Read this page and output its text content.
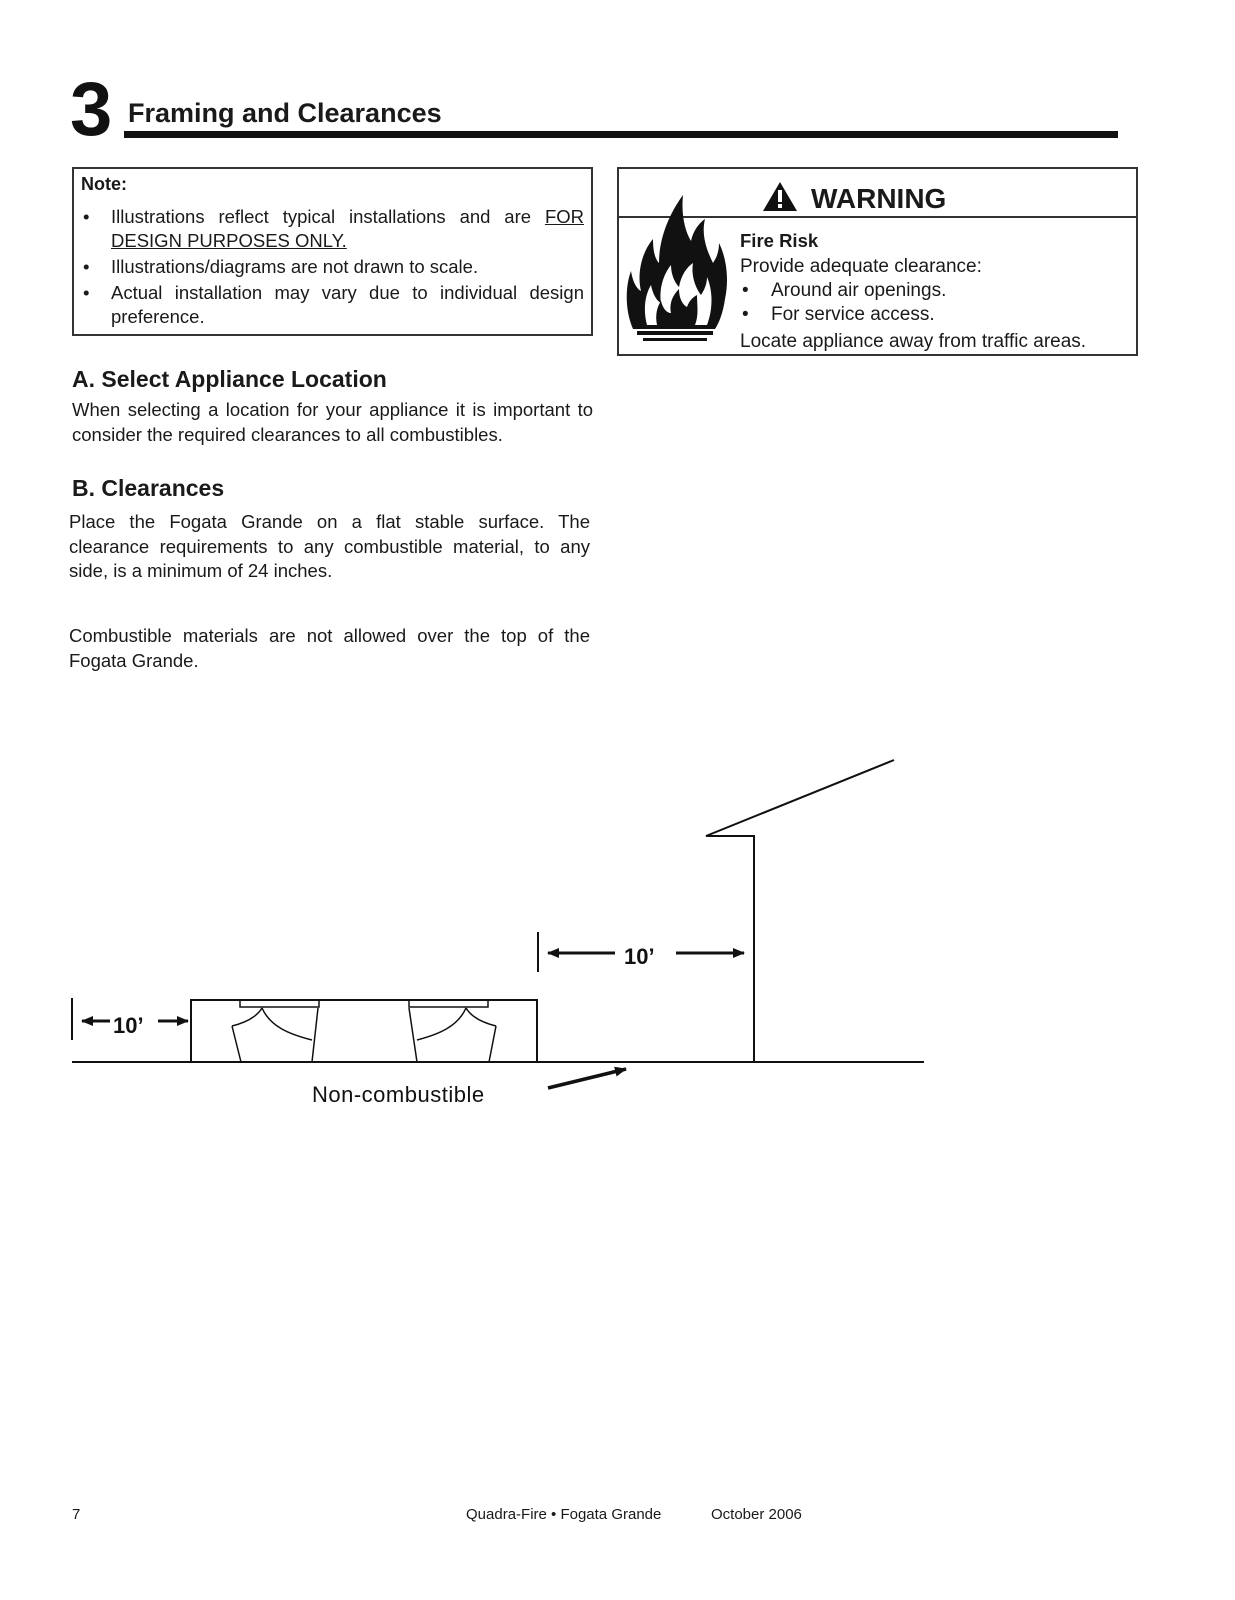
3 Framing and Clearances
Note:
• Illustrations reflect typical installations and are FOR DESIGN PURPOSES ONLY.
• Illustrations/diagrams are not drawn to scale.
• Actual installation may vary due to individual design preference.
WARNING
Fire Risk
Provide adequate clearance:
• Around air openings.
• For service access.
Locate appliance away from traffic areas.
A. Select Appliance Location
When selecting a location for your appliance it is important to consider the required clearances to all combustibles.
B. Clearances
Place the Fogata Grande on a flat stable surface. The clearance requirements to any combustible material, to any side, is a minimum of 24 inches.
Combustible materials are not allowed over the top of the Fogata Grande.
10’
10’
Non-combustible
7	Quadra-Fire • Fogata Grande	October 2006
